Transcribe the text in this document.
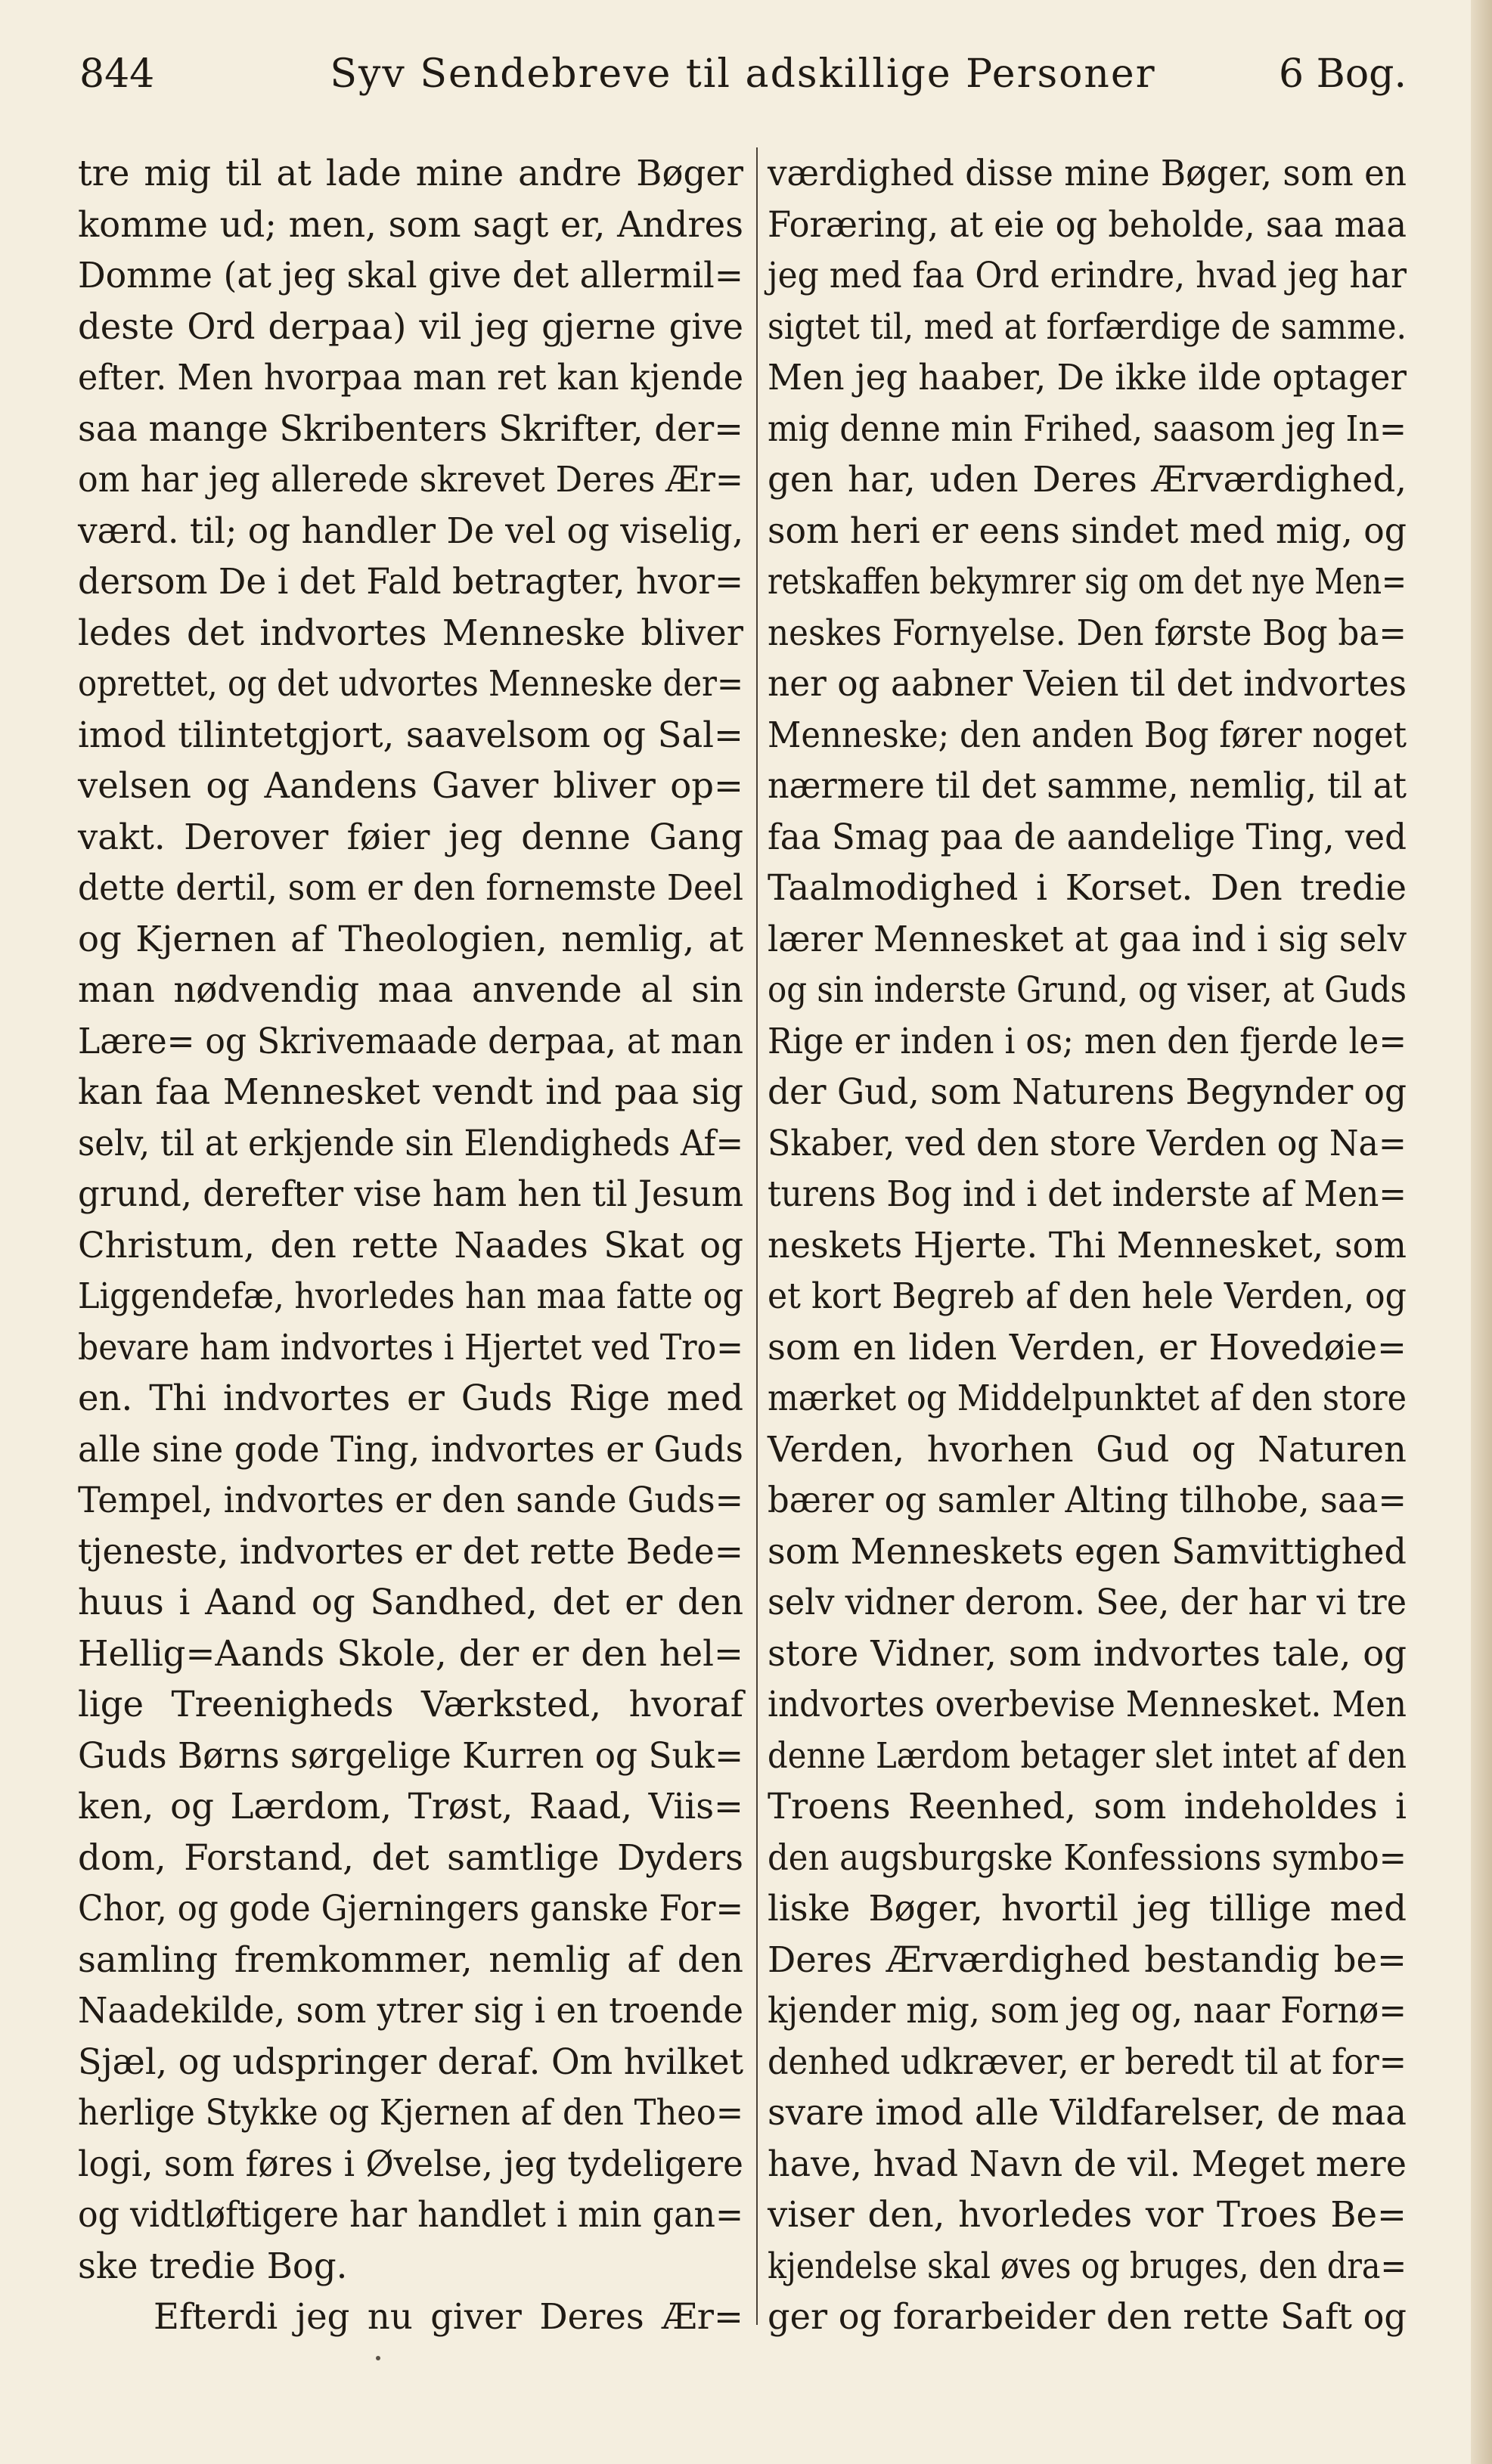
844	Syv Sendebreve til adskillige Personer	6 Bog.
tre mig til at lade mine andre Bøger
komme ud; men, som sagt er, Andres
Domme (at jeg skal give det allermil=
deste Ord derpaa) vil jeg gjerne give
efter. Men hvorpaa man ret kan kjende
saa mange Skribenters Skrifter, der=
om har jeg allerede skrevet Deres Ær=
værd. til; og handler De vel og viselig,
dersom De i det Fald betragter, hvor=
ledes det indvortes Menneske bliver
oprettet, og det udvortes Menneske der=
imod tilintetgjort, saavelsom og Sal=
velsen og Aandens Gaver bliver op=
vakt. Derover føier jeg denne Gang
dette dertil, som er den fornemste Deel
og Kjernen af Theologien, nemlig, at
man nødvendig maa anvende al sin
Lære= og Skrivemaade derpaa, at man
kan faa Mennesket vendt ind paa sig
selv, til at erkjende sin Elendigheds Af=
grund, derefter vise ham hen til Jesum
Christum, den rette Naades Skat og
Liggendefæ, hvorledes han maa fatte og
bevare ham indvortes i Hjertet ved Tro=
en. Thi indvortes er Guds Rige med
alle sine gode Ting, indvortes er Guds
Tempel, indvortes er den sande Guds=
tjeneste, indvortes er det rette Bede=
huus i Aand og Sandhed, det er den
Hellig=Aands Skole, der er den hel=
lige Treenigheds Værksted, hvoraf
Guds Børns sørgelige Kurren og Suk=
ken, og Lærdom, Trøst, Raad, Viis=
dom, Forstand, det samtlige Dyders
Chor, og gode Gjerningers ganske For=
samling fremkommer, nemlig af den
Naadekilde, som ytrer sig i en troende
Sjæl, og udspringer deraf. Om hvilket
herlige Stykke og Kjernen af den Theo=
logi, som føres i Øvelse, jeg tydeligere
og vidtløftigere har handlet i min gan=
ske tredie Bog.
Efterdi jeg nu giver Deres Ær=
værdighed disse mine Bøger, som en
Foræring, at eie og beholde, saa maa
jeg med faa Ord erindre, hvad jeg har
sigtet til, med at forfærdige de samme.
Men jeg haaber, De ikke ilde optager
mig denne min Frihed, saasom jeg In=
gen har, uden Deres Ærværdighed,
som heri er eens sindet med mig, og
retskaffen bekymrer sig om det nye Men=
neskes Fornyelse. Den første Bog ba=
ner og aabner Veien til det indvortes
Menneske; den anden Bog fører noget
nærmere til det samme, nemlig, til at
faa Smag paa de aandelige Ting, ved
Taalmodighed i Korset. Den tredie
lærer Mennesket at gaa ind i sig selv
og sin inderste Grund, og viser, at Guds
Rige er inden i os; men den fjerde le=
der Gud, som Naturens Begynder og
Skaber, ved den store Verden og Na=
turens Bog ind i det inderste af Men=
neskets Hjerte. Thi Mennesket, som
et kort Begreb af den hele Verden, og
som en liden Verden, er Hovedøie=
mærket og Middelpunktet af den store
Verden, hvorhen Gud og Naturen
bærer og samler Alting tilhobe, saa=
som Menneskets egen Samvittighed
selv vidner derom. See, der har vi tre
store Vidner, som indvortes tale, og
indvortes overbevise Mennesket. Men
denne Lærdom betager slet intet af den
Troens Reenhed, som indeholdes i
den augsburgske Konfessions symbo=
liske Bøger, hvortil jeg tillige med
Deres Ærværdighed bestandig be=
kjender mig, som jeg og, naar Fornø=
denhed udkræver, er beredt til at for=
svare imod alle Vildfarelser, de maa
have, hvad Navn de vil. Meget mere
viser den, hvorledes vor Troes Be=
kjendelse skal øves og bruges, den dra=
ger og forarbeider den rette Saft og
